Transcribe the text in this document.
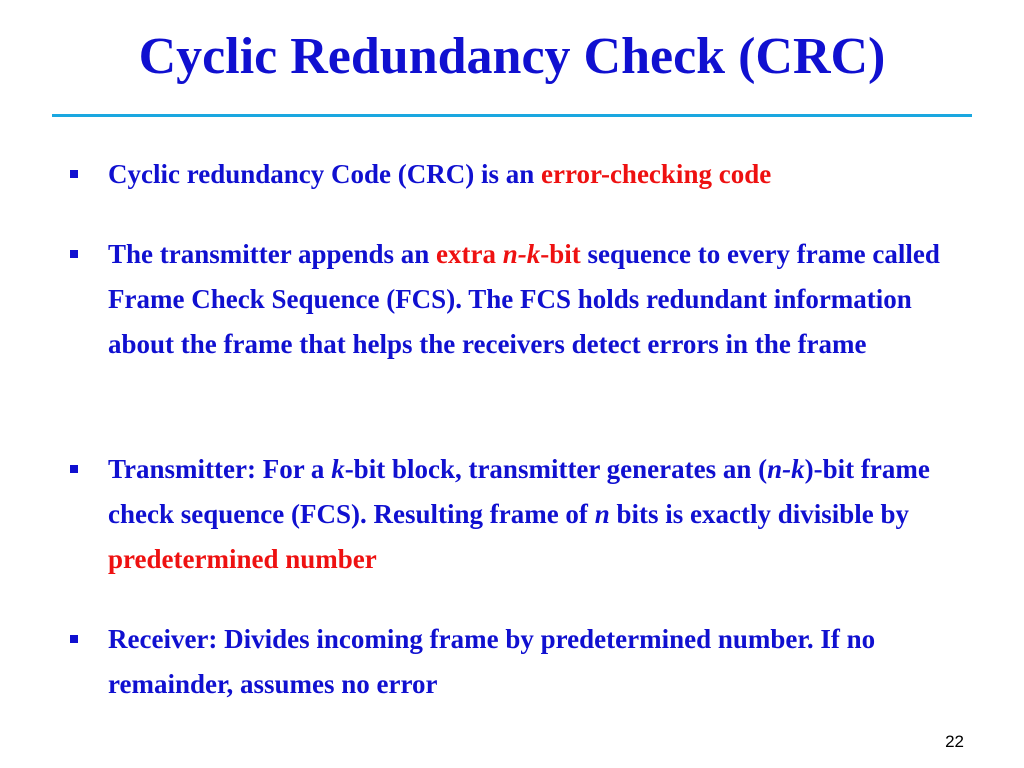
Cyclic Redundancy Check (CRC)
Cyclic redundancy Code (CRC) is an error-checking code
The transmitter appends an extra n-k-bit sequence to every frame called Frame Check Sequence (FCS). The FCS holds redundant information about the frame that helps the receivers detect errors in the frame
Transmitter: For a k-bit block, transmitter generates an (n-k)-bit frame check sequence (FCS). Resulting frame of n bits is exactly divisible by predetermined number
Receiver: Divides incoming frame by predetermined number. If no remainder, assumes no error
22
